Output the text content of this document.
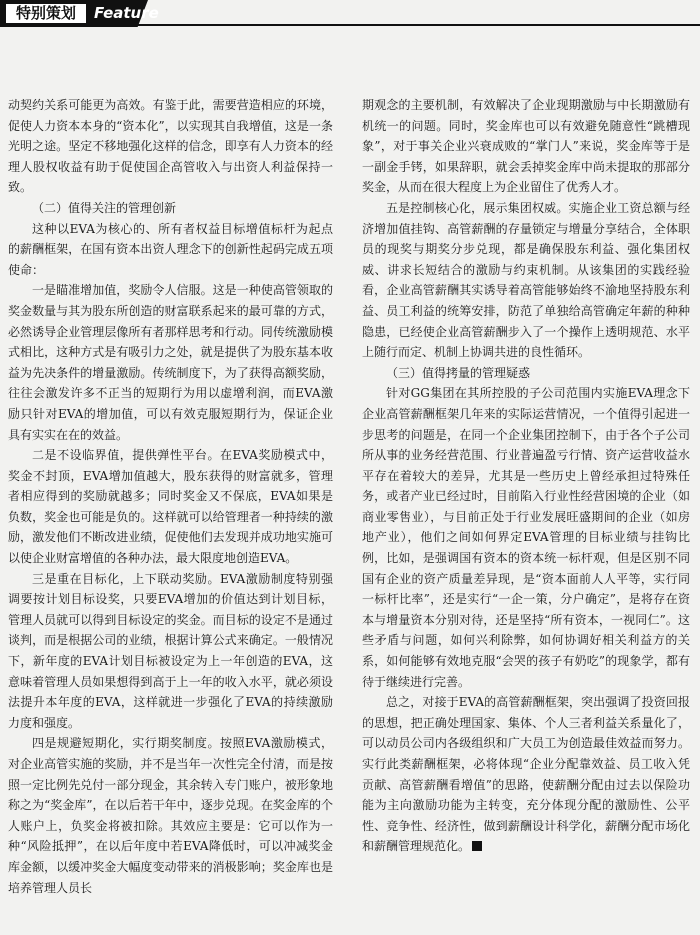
特别策划	Feature

动契约关系可能更为高效。有鉴于此，需要营造相应的环境，促使人力资本本身的“资本化”，以实现其自我增值，这是一条光明之途。坚定不移地强化这样的信念，即享有人力资本的经理人股权收益有助于促使国企高管收入与出资人利益保持一致。

（二）值得关注的管理创新

这种以EVA为核心的、所有者权益目标增值标杆为起点的薪酬框架，在国有资本出资人理念下的创新性起码完成五项使命：

一是瞄准增加值，奖励令人信服。这是一种使高管领取的奖金数量与其为股东所创造的财富联系起来的最可靠的方式，必然诱导企业管理层像所有者那样思考和行动。同传统激励模式相比，这种方式是有吸引力之处，就是提供了为股东基本收益为先决条件的增量激励。传统制度下，为了获得高额奖励，往往会激发许多不正当的短期行为用以虚增利润，而EVA激励只针对EVA的增加值，可以有效克服短期行为，保证企业具有实实在在的效益。

二是不设临界值，提供弹性平台。在EVA奖励模式中，奖金不封顶，EVA增加值越大，股东获得的财富就多，管理者相应得到的奖励就越多；同时奖金又不保底，EVA如果是负数，奖金也可能是负的。这样就可以给管理者一种持续的激励，激发他们不断改进业绩，促使他们去发现并成功地实施可以使企业财富增值的各种办法，最大限度地创造EVA。

三是重在目标化，上下联动奖励。EVA激励制度特别强调要按计划目标设奖，只要EVA增加的价值达到计划目标，管理人员就可以得到目标设定的奖金。而目标的设定不是通过谈判，而是根据公司的业绩，根据计算公式来确定。一般情况下，新年度的EVA计划目标被设定为上一年创造的EVA，这意味着管理人员如果想得到高于上一年的收入水平，就必须设法提升本年度的EVA，这样就进一步强化了EVA的持续激励力度和强度。

四是规避短期化，实行期奖制度。按照EVA激励模式，对企业高管实施的奖励，并不是当年一次性完全付清，而是按照一定比例先兑付一部分现金，其余转入专门账户，被形象地称之为“奖金库”，在以后若干年中，逐步兑现。在奖金库的个人账户上，负奖金将被扣除。其效应主要是：它可以作为一种“风险抵押”，在以后年度中若EVA降低时，可以冲减奖金库金额，以缓冲奖金大幅度变动带来的消极影响；奖金库也是培养管理人员长

期观念的主要机制，有效解决了企业现期激励与中长期激励有机统一的问题。同时，奖金库也可以有效避免随意性“跳槽现象”，对于事关企业兴衰成败的“掌门人”来说，奖金库等于是一副金手铐，如果辞职，就会丢掉奖金库中尚未提取的那部分奖金，从而在很大程度上为企业留住了优秀人才。

五是控制核心化，展示集团权威。实施企业工资总额与经济增加值挂钩、高管薪酬的存量锁定与增量分享结合，全体职员的现奖与期奖分步兑现，都是确保股东利益、强化集团权威、讲求长短结合的激励与约束机制。从该集团的实践经验看，企业高管薪酬其实诱导着高管能够始终不渝地坚持股东利益、员工利益的统筹安排，防范了单独给高管确定年薪的种种隐患，已经使企业高管薪酬步入了一个操作上透明规范、水平上随行而定、机制上协调共进的良性循环。

（三）值得拷量的管理疑惑

针对GG集团在其所控股的子公司范围内实施EVA理念下企业高管薪酬框架几年来的实际运营情况，一个值得引起进一步思考的问题是，在同一个企业集团控制下，由于各个子公司所从事的业务经营范围、行业普遍盈亏行情、资产运营收益水平存在着较大的差异，尤其是一些历史上曾经承担过特殊任务，或者产业已经过时，目前陷入行业性经营困境的企业（如商业零售业），与目前正处于行业发展旺盛期间的企业（如房地产业），他们之间如何界定EVA管理的目标业绩与挂钩比例，比如，是强调国有资本的资本统一标杆观，但是区别不同国有企业的资产质量差异现，是“资本面前人人平等，实行同一标杆比率”，还是实行“一企一策，分户确定”，是将存在资本与增量资本分别对待，还是坚持“所有资本，一视同仁”。这些矛盾与问题，如何兴利除弊，如何协调好相关利益方的关系，如何能够有效地克服“会哭的孩子有奶吃”的现象学，都有待于继续进行完善。

总之，对接于EVA的高管薪酬框架，突出强调了投资回报的思想，把正确处理国家、集体、个人三者利益关系量化了，可以动员公司内各级组织和广大员工为创造最佳效益而努力。实行此类薪酬框架，必将体现“企业分配靠效益、员工收入凭贡献、高管薪酬看增值”的思路，使薪酬分配由过去以保险功能为主向激励功能为主转变，充分体现分配的激励性、公平性、竞争性、经济性，做到薪酬设计科学化，薪酬分配市场化和薪酬管理规范化。
